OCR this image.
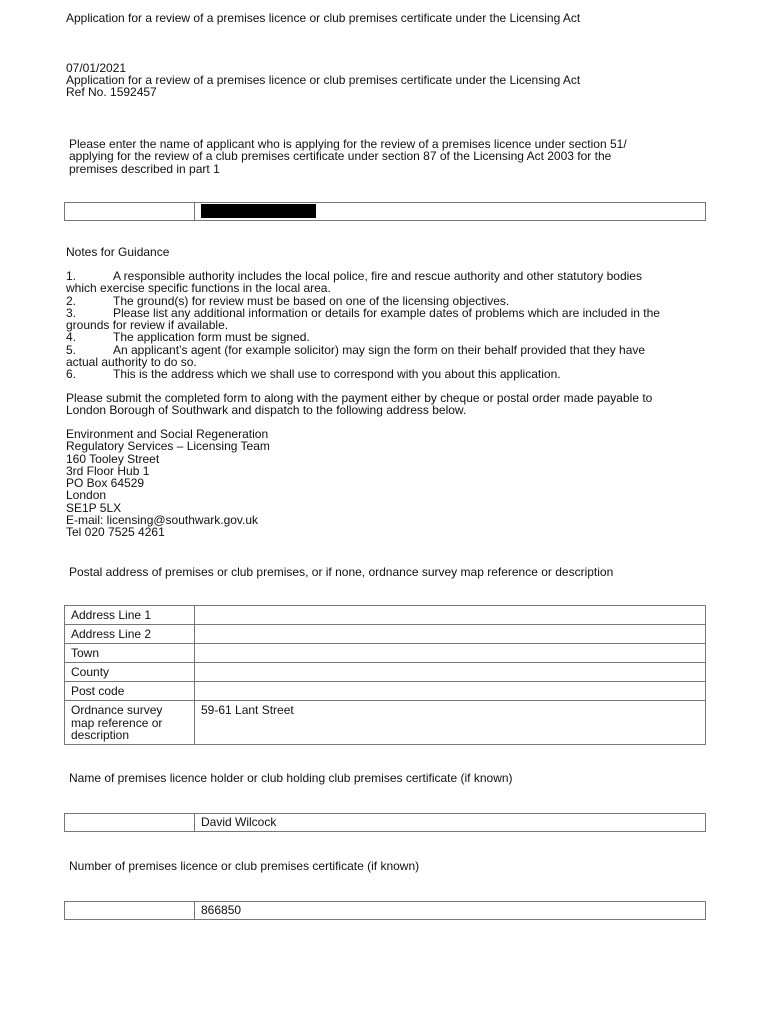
Application for a review of a premises licence or club premises certificate under the Licensing Act
07/01/2021
Application for a review of a premises licence or club premises certificate under the Licensing Act
Ref No. 1592457
Please enter the name of applicant who is applying for the review of a premises licence under section 51/
applying for the review of a club premises certificate under section 87 of the Licensing Act 2003 for the
premises described in part 1

Notes for Guidance
1.	A responsible authority includes the local police, fire and rescue authority and other statutory bodies
which exercise specific functions in the local area.
2.	The ground(s) for review must be based on one of the licensing objectives.
3.	Please list any additional information or details for example dates of problems which are included in the
grounds for review if available.
4.	The application form must be signed.
5.	An applicant’s agent (for example solicitor) may sign the form on their behalf provided that they have
actual authority to do so.
6.	This is the address which we shall use to correspond with you about this application.
Please submit the completed form to along with the payment either by cheque or postal order made payable to
London Borough of Southwark and dispatch to the following address below.
Environment and Social Regeneration
Regulatory Services – Licensing Team
160 Tooley Street
3rd Floor Hub 1
PO Box 64529
London
SE1P 5LX
E-mail: licensing@southwark.gov.uk
Tel 020 7525 4261
Postal address of premises or club premises, or if none, ordnance survey map reference or description
Address Line 1	
Address Line 2	
Town	
County	
Post code	
Ordnance survey
map reference or
description	59-61 Lant Street
Name of premises licence holder or club holding club premises certificate (if known)
	David Wilcock
Number of premises licence or club premises certificate (if known)
	866850
